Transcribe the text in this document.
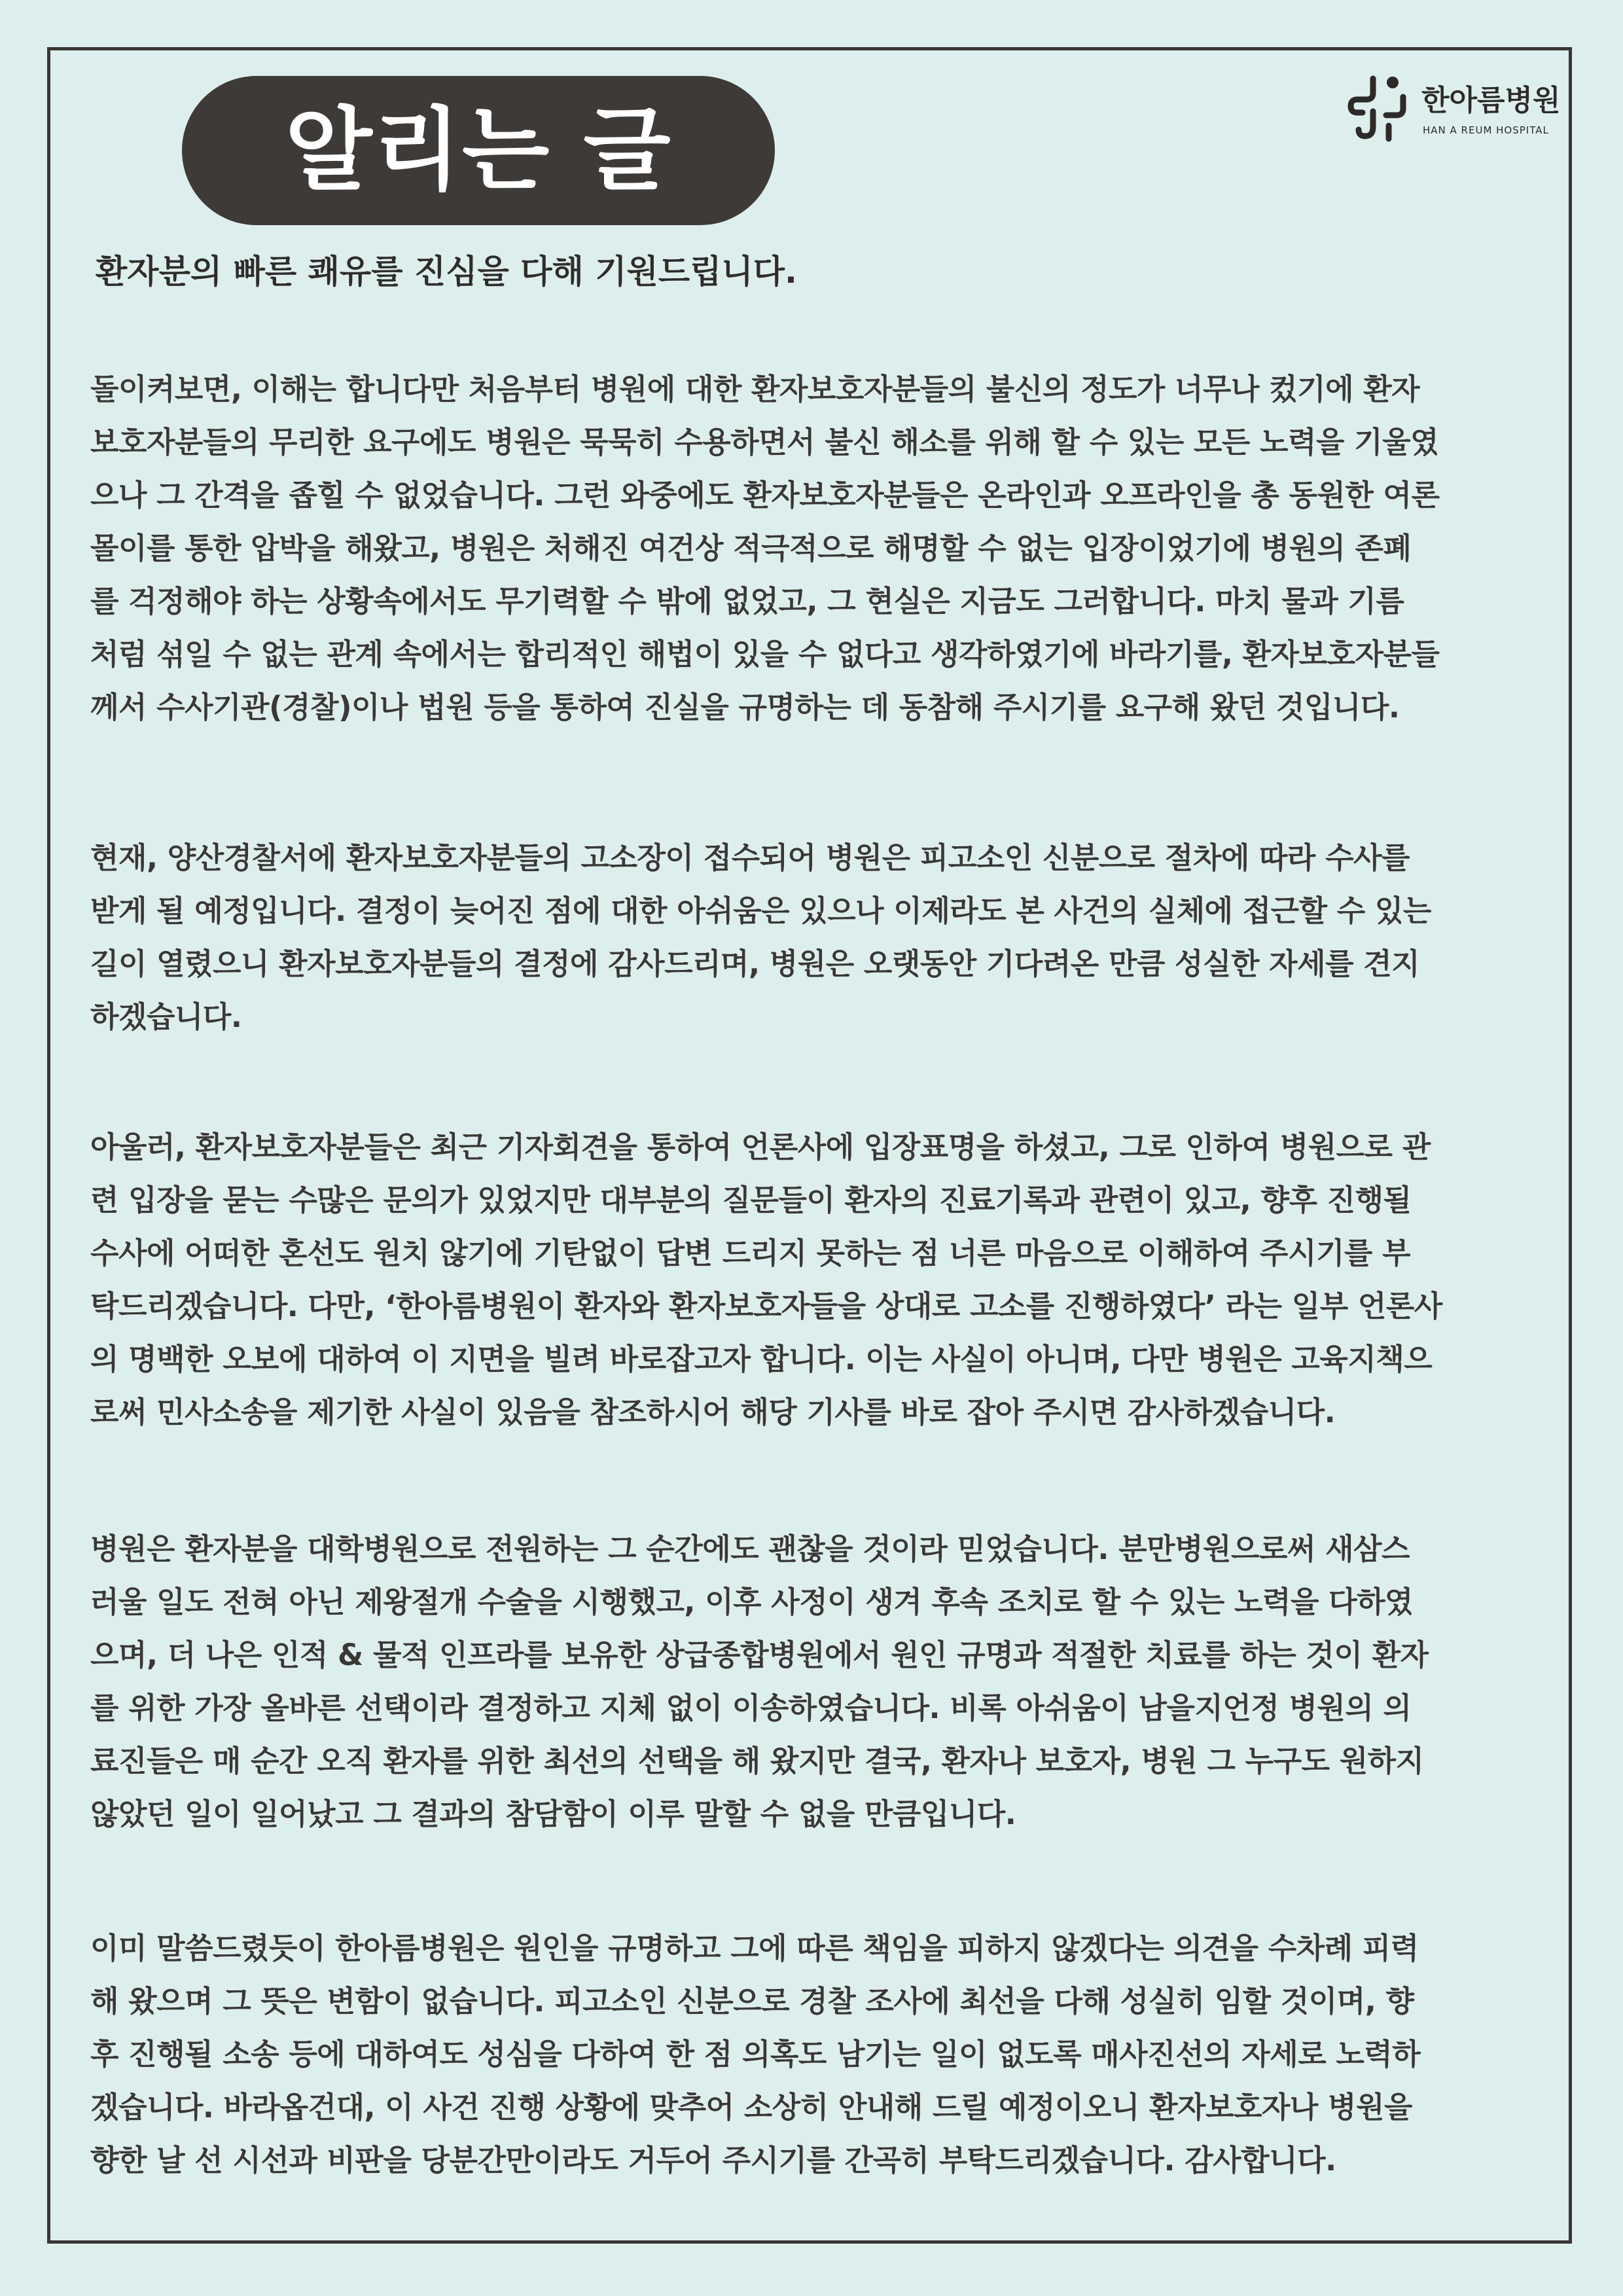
알리는 글	한아름병원
HAN A REUM HOSPITAL
환자분의 빠른 쾌유를 진심을 다해 기원드립니다.
돌이켜보면, 이해는 합니다만 처음부터 병원에 대한 환자보호자분들의 불신의 정도가 너무나 컸기에 환자
보호자분들의 무리한 요구에도 병원은 묵묵히 수용하면서 불신 해소를 위해 할 수 있는 모든 노력을 기울였
으나 그 간격을 좁힐 수 없었습니다. 그런 와중에도 환자보호자분들은 온라인과 오프라인을 총 동원한 여론
몰이를 통한 압박을 해왔고, 병원은 처해진 여건상 적극적으로 해명할 수 없는 입장이었기에 병원의 존폐
를 걱정해야 하는 상황속에서도 무기력할 수 밖에 없었고, 그 현실은 지금도 그러합니다. 마치 물과 기름
처럼 섞일 수 없는 관계 속에서는 합리적인 해법이 있을 수 없다고 생각하였기에 바라기를, 환자보호자분들
께서 수사기관(경찰)이나 법원 등을 통하여 진실을 규명하는 데 동참해 주시기를 요구해 왔던 것입니다.
현재, 양산경찰서에 환자보호자분들의 고소장이 접수되어 병원은 피고소인 신분으로 절차에 따라 수사를
받게 될 예정입니다. 결정이 늦어진 점에 대한 아쉬움은 있으나 이제라도 본 사건의 실체에 접근할 수 있는
길이 열렸으니 환자보호자분들의 결정에 감사드리며, 병원은 오랫동안 기다려온 만큼 성실한 자세를 견지
하겠습니다.
아울러, 환자보호자분들은 최근 기자회견을 통하여 언론사에 입장표명을 하셨고, 그로 인하여 병원으로 관
련 입장을 묻는 수많은 문의가 있었지만 대부분의 질문들이 환자의 진료기록과 관련이 있고, 향후 진행될
수사에 어떠한 혼선도 원치 않기에 기탄없이 답변 드리지 못하는 점 너른 마음으로 이해하여 주시기를 부
탁드리겠습니다. 다만, ‘한아름병원이 환자와 환자보호자들을 상대로 고소를 진행하였다’ 라는 일부 언론사
의 명백한 오보에 대하여 이 지면을 빌려 바로잡고자 합니다. 이는 사실이 아니며, 다만 병원은 고육지책으
로써 민사소송을 제기한 사실이 있음을 참조하시어 해당 기사를 바로 잡아 주시면 감사하겠습니다.
병원은 환자분을 대학병원으로 전원하는 그 순간에도 괜찮을 것이라 믿었습니다. 분만병원으로써 새삼스
러울 일도 전혀 아닌 제왕절개 수술을 시행했고, 이후 사정이 생겨 후속 조치로 할 수 있는 노력을 다하였
으며, 더 나은 인적 & 물적 인프라를 보유한 상급종합병원에서 원인 규명과 적절한 치료를 하는 것이 환자
를 위한 가장 올바른 선택이라 결정하고 지체 없이 이송하였습니다. 비록 아쉬움이 남을지언정 병원의 의
료진들은 매 순간 오직 환자를 위한 최선의 선택을 해 왔지만 결국, 환자나 보호자, 병원 그 누구도 원하지
않았던 일이 일어났고 그 결과의 참담함이 이루 말할 수 없을 만큼입니다.
이미 말씀드렸듯이 한아름병원은 원인을 규명하고 그에 따른 책임을 피하지 않겠다는 의견을 수차례 피력
해 왔으며 그 뜻은 변함이 없습니다. 피고소인 신분으로 경찰 조사에 최선을 다해 성실히 임할 것이며, 향
후 진행될 소송 등에 대하여도 성심을 다하여 한 점 의혹도 남기는 일이 없도록 매사진선의 자세로 노력하
겠습니다. 바라옵건대, 이 사건 진행 상황에 맞추어 소상히 안내해 드릴 예정이오니 환자보호자나 병원을
향한 날 선 시선과 비판을 당분간만이라도 거두어 주시기를 간곡히 부탁드리겠습니다. 감사합니다.
